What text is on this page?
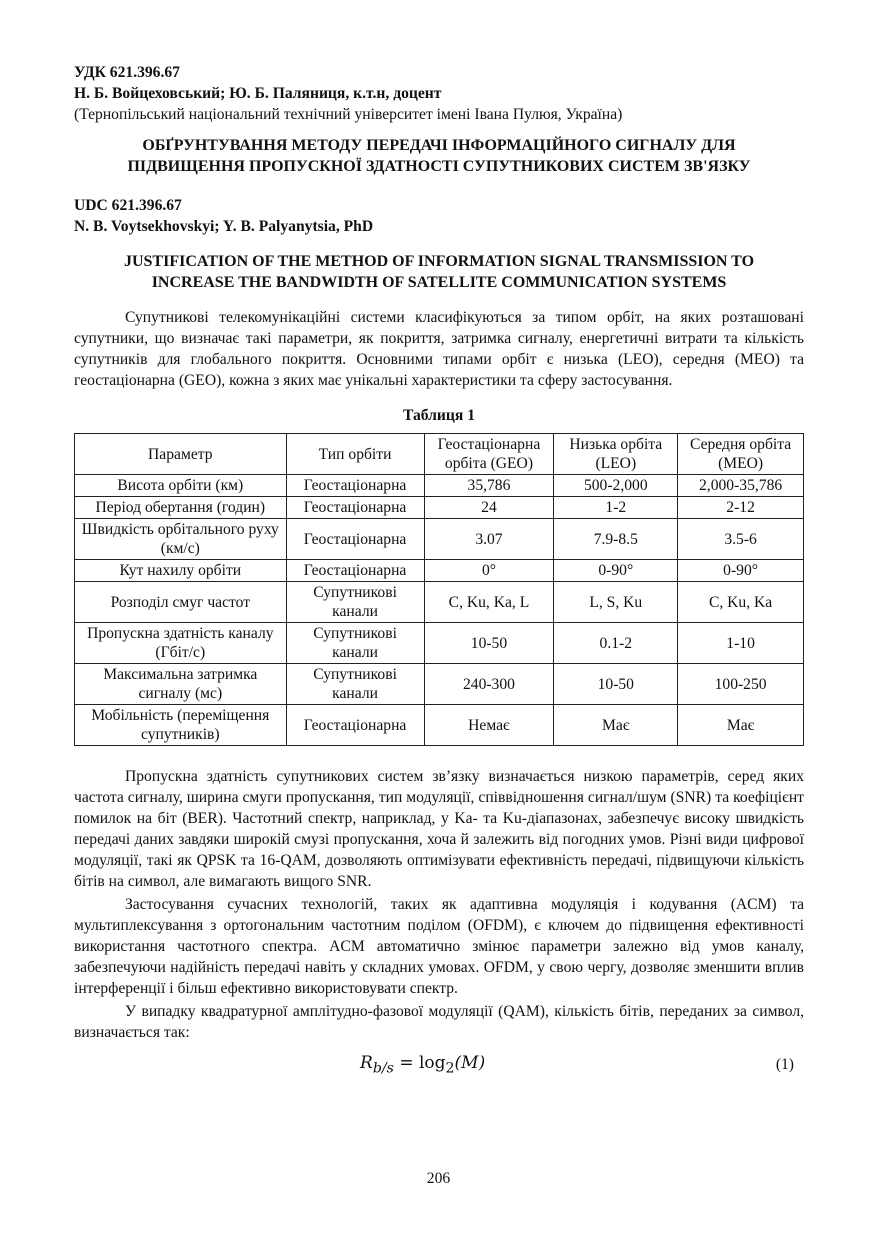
УДК 621.396.67
Н. Б. Войцеховський; Ю. Б. Паляниця, к.т.н, доцент
(Тернопільський національний технічний університет імені Івана Пулюя, Україна)
ОБҐРУНТУВАННЯ МЕТОДУ ПЕРЕДАЧІ ІНФОРМАЦІЙНОГО СИГНАЛУ ДЛЯ
ПІДВИЩЕННЯ ПРОПУСКНОЇ ЗДАТНОСТІ СУПУТНИКОВИХ СИСТЕМ ЗВ'ЯЗКУ
UDC 621.396.67
N. B. Voytsekhovskyi; Y. B. Palyanytsia, PhD
JUSTIFICATION OF THE METHOD OF INFORMATION SIGNAL TRANSMISSION TO
INCREASE THE BANDWIDTH OF SATELLITE COMMUNICATION SYSTEMS
Супутникові телекомунікаційні системи класифікуються за типом орбіт, на яких розташовані супутники, що визначає такі параметри, як покриття, затримка сигналу, енергетичні витрати та кількість супутників для глобального покриття. Основними типами орбіт є низька (LEO), середня (MEO) та геостаціонарна (GEO), кожна з яких має унікальні характеристики та сферу застосування.
Таблиця 1
Параметр	Тип орбіти	Геостаціонарна орбіта (GEO)	Низька орбіта (LEO)	Середня орбіта (MEO)
Висота орбіти (км)	Геостаціонарна	35,786	500-2,000	2,000-35,786
Період обертання (годин)	Геостаціонарна	24	1-2	2-12
Швидкість орбітального руху (км/с)	Геостаціонарна	3.07	7.9-8.5	3.5-6
Кут нахилу орбіти	Геостаціонарна	0°	0-90°	0-90°
Розподіл смуг частот	Супутникові канали	C, Ku, Ka, L	L, S, Ku	C, Ku, Ka
Пропускна здатність каналу (Гбіт/с)	Супутникові канали	10-50	0.1-2	1-10
Максимальна затримка сигналу (мс)	Супутникові канали	240-300	10-50	100-250
Мобільність (переміщення супутників)	Геостаціонарна	Немає	Має	Має
Пропускна здатність супутникових систем зв’язку визначається низкою параметрів, серед яких частота сигналу, ширина смуги пропускання, тип модуляції, співвідношення сигнал/шум (SNR) та коефіцієнт помилок на біт (BER). Частотний спектр, наприклад, у Ka- та Ku-діапазонах, забезпечує високу швидкість передачі даних завдяки широкій смузі пропускання, хоча й залежить від погодних умов. Різні види цифрової модуляції, такі як QPSK та 16-QAM, дозволяють оптимізувати ефективність передачі, підвищуючи кількість бітів на символ, але вимагають вищого SNR.
Застосування сучасних технологій, таких як адаптивна модуляція і кодування (ACM) та мультиплексування з ортогональним частотним поділом (OFDM), є ключем до підвищення ефективності використання частотного спектра. ACM автоматично змінює параметри залежно від умов каналу, забезпечуючи надійність передачі навіть у складних умовах. OFDM, у свою чергу, дозволяє зменшити вплив інтерференції і більш ефективно використовувати спектр.
У випадку квадратурної амплітудно-фазової модуляції (QAM), кількість бітів, переданих за символ, визначається так:
$R_{b/s} = \log_2(M)$	(1)
206
